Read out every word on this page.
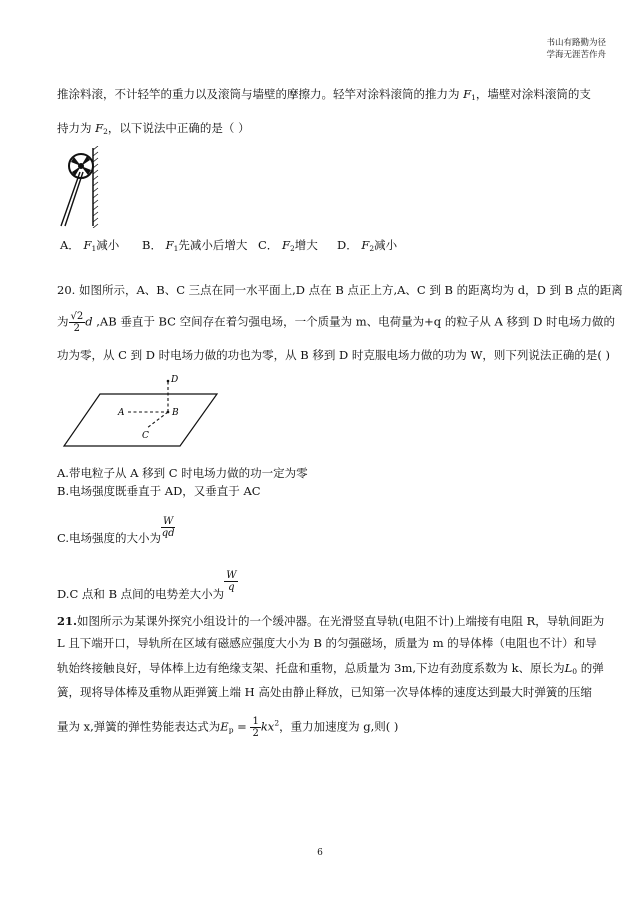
书山有路勤为径
学海无涯苦作舟
推涂料滚，不计轻竿的重力以及滚筒与墙壁的摩擦力。轻竿对涂料滚筒的推力为 $F_1$，墙壁对涂料滚筒的支
持力为 $F_2$，以下说法中正确的是（ ）
A． $F_1$减小 B． $F_1$先减小后增大 C． $F_2$增大 D． $F_2$减小
20. 如图所示，A、B、C 三点在同一水平面上,D 点在 B 点正上方,A、C 到 B 的距离均为 d，D 到 B 点的距离
为 $\frac{√2}{2}$ d ,AB 垂直于 BC 空间存在着匀强电场，一个质量为 m、电荷量为+q 的粒子从 A 移到 D 时电场力做的
功为零，从 C 到 D 时电场力做的功也为零，从 B 移到 D 时克服电场力做的功为 W，则下列说法正确的是( )
D
A	B
C
A.带电粒子从 A 移到 C 时电场力做的功一定为零
B.电场强度既垂直于 AD，又垂直于 AC
C.电场强度的大小为 $\frac{W}{qd}$
D.C 点和 B 点间的电势差大小为
$\frac{W}{q}$
21.如图所示为某课外探究小组设计的一个缓冲器。在光滑竖直导轨(电阻不计)上端接有电阻 R，导轨间距为
L 且下端开口，导轨所在区域有磁感应强度大小为 B 的匀强磁场，质量为 m 的导体棒（电阻也不计）和导
轨始终接触良好，导体棒上边有绝缘支架、托盘和重物，总质量为 3m,下边有劲度系数为 k、原长为$L_0$ 的弹
簧，现将导体棒及重物从距弹簧上端 H 高处由静止释放，已知第一次导体棒的速度达到最大时弹簧的压缩
量为 x,弹簧的弹性势能表达式为$E_p = \frac{1}{2} kx^2$，重力加速度为 g,则( )
6
